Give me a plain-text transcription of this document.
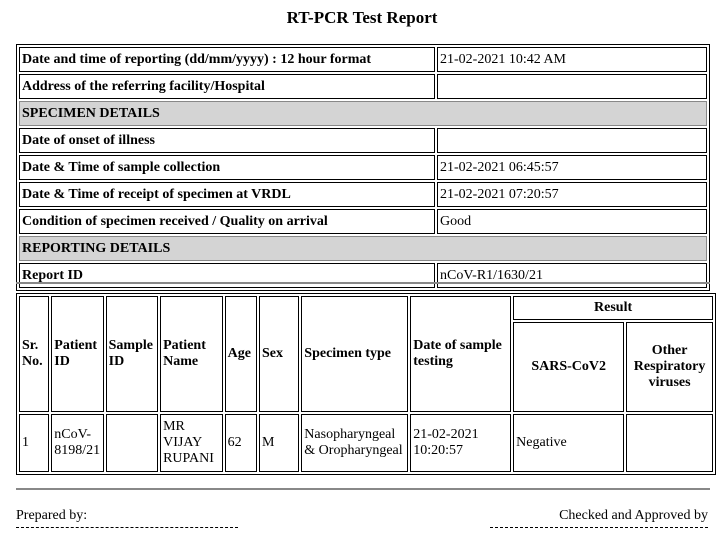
RT-PCR Test Report
Date and time of reporting (dd/mm/yyyy) : 12 hour format	21-02-2021 10:42 AM
Address of the referring facility/Hospital	
SPECIMEN DETAILS	
Date of onset of illness	
Date & Time of sample collection	21-02-2021 06:45:57
Date & Time of receipt of specimen at VRDL	21-02-2021 07:20:57
Condition of specimen received / Quality on arrival	Good
REPORTING DETAILS	
Report ID	nCoV-R1/1630/21
Sr. No.	Patient ID	Sample ID	Patient Name	Age	Sex	Specimen type	Date of sample testing	Result	
								SARS-CoV2	Other Respiratory viruses
1	nCoV-8198/21		MR VIJAY RUPANI	62	M	Nasopharyngeal & Oropharyngeal	21-02-2021 10:20:57	Negative	
Prepared by:	Checked and Approved by
